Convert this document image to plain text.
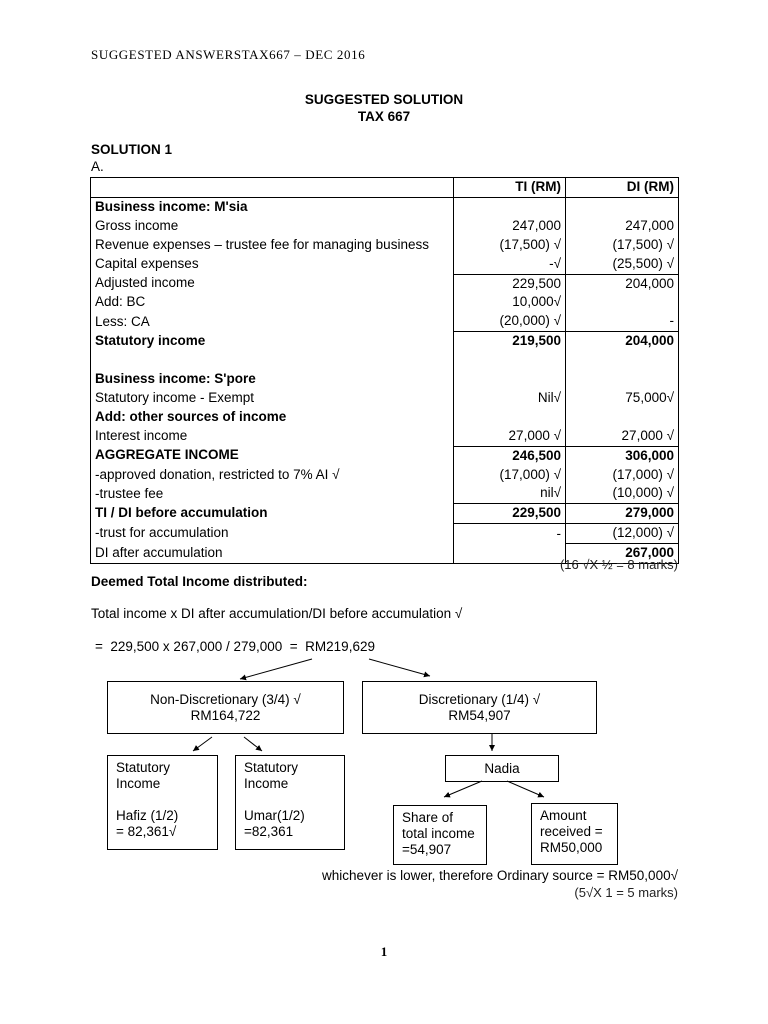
SUGGESTED ANSWERSTAX667 – DEC 2016
SUGGESTED SOLUTION
TAX 667
SOLUTION 1
A.
	TI (RM)	DI (RM)
Business income: M'sia		
Gross income	247,000	247,000
Revenue expenses – trustee fee for managing business	(17,500) √	(17,500) √
Capital expenses	-√	(25,500) √
Adjusted income	229,500	204,000
Add: BC	10,000√	
Less: CA	(20,000) √	-
Statutory income	219,500	204,000

Business income: S'pore		
Statutory income - Exempt	Nil√	75,000√
Add: other sources of income		
Interest income	27,000 √	27,000 √
AGGREGATE INCOME	246,500	306,000
-approved donation, restricted to 7% AI √	(17,000) √	(17,000) √
-trustee fee	nil√	(10,000) √
TI / DI before accumulation	229,500	279,000
-trust for accumulation	-	(12,000) √
DI after accumulation		267,000
(16 √X ½ = 8 marks)
Deemed Total Income distributed:
Total income x DI after accumulation/DI before accumulation √
=  229,500 x 267,000 / 279,000  =  RM219,629
Non-Discretionary (3/4) √
RM164,722
Discretionary (1/4) √
RM54,907
Statutory
Income
Hafiz (1/2)
= 82,361√
Statutory
Income
Umar(1/2)
=82,361
Nadia
Share of
total income
=54,907
Amount
received =
RM50,000
whichever is lower, therefore Ordinary source = RM50,000√
(5√X 1 = 5 marks)
1
